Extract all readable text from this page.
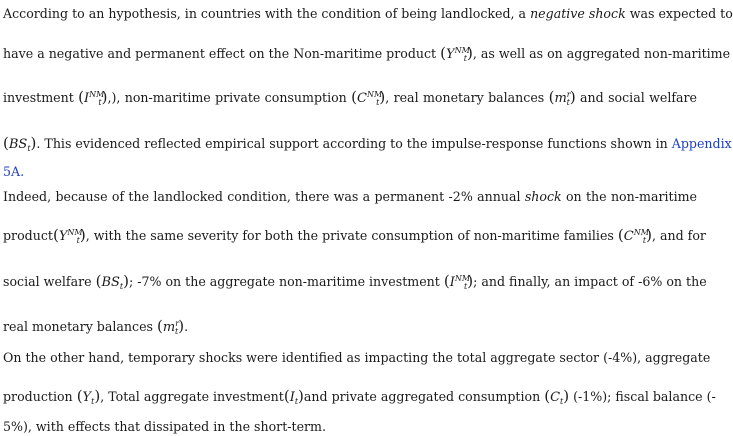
According to an hypothesis, in countries with the condition of being landlocked, a negative shock was expected to
have a negative and permanent effect on the Non-maritime product $(Y^{NM}_t)$, as well as on aggregated non-maritime
investment $(I^{NM}_t)$,), non-maritime private consumption $(C^{NM}_t)$, real monetary balances $(m^r_t)$ and social welfare
$(BS_t)$. This evidenced reflected empirical support according to the impulse-response functions shown in Appendix
5A.
Indeed, because of the landlocked condition, there was a permanent -2% annual shock on the non-maritime
$product(Y^{NM}_t)$, with the same severity for both the private consumption of non-maritime families $(C^{NM}_t)$, and for
social welfare $(BS_t)$; -7% on the aggregate non-maritime investment $(I^{NM}_t)$; and finally, an impact of -6% on the
real monetary balances $(m^r_t)$.
On the other hand, temporary shocks were identified as impacting the total aggregate sector (-4%), aggregate
production $(Y_t)$, Total aggregate $investment(I_t)and$ private aggregated consumption $(C_t)$ (-1%); fiscal balance (-
5%), with effects that dissipated in the short-term.
